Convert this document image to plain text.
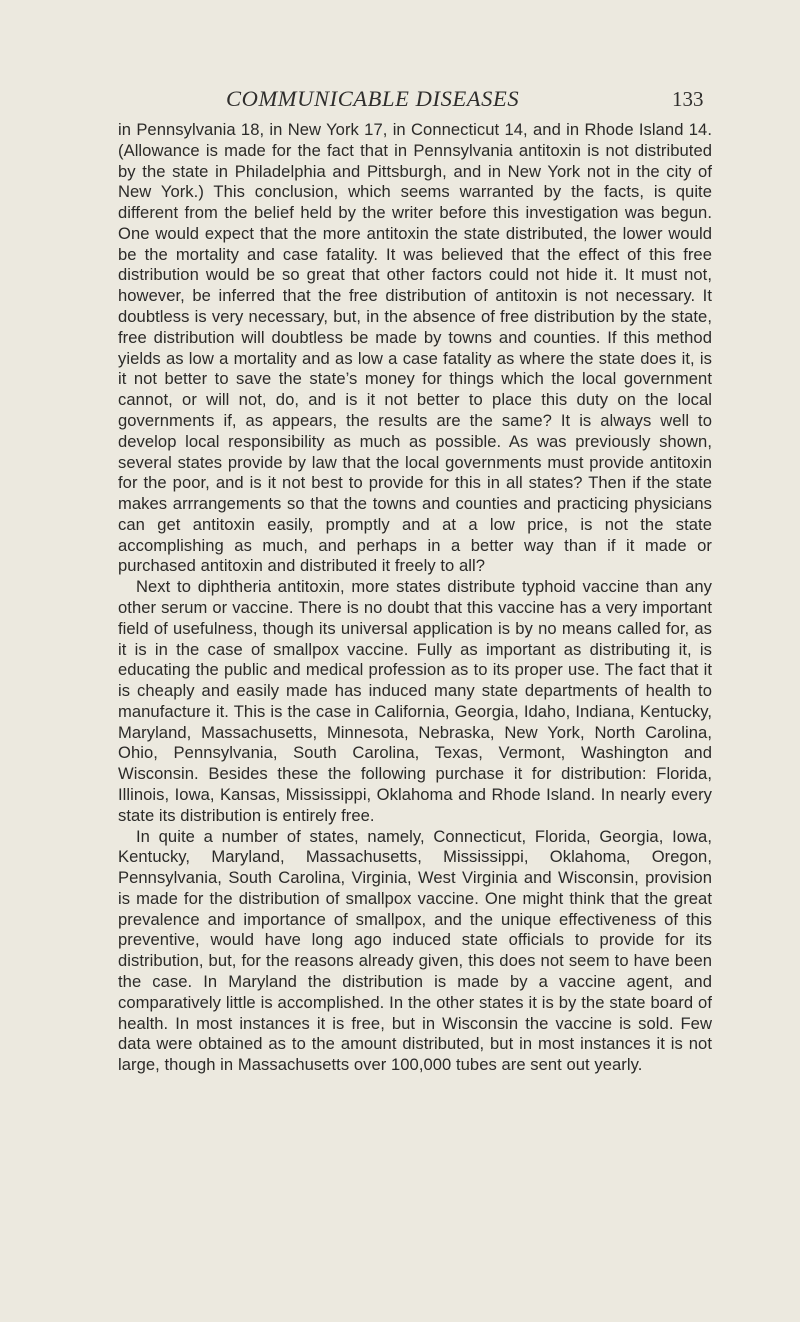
COMMUNICABLE DISEASES	133

in Pennsylvania 18, in New York 17, in Connecticut 14, and in Rhode Island 14. (Allowance is made for the fact that in Pennsylvania antitoxin is not distributed by the state in Philadelphia and Pittsburgh, and in New York not in the city of New York.) This conclusion, which seems warranted by the facts, is quite different from the belief held by the writer before this investigation was begun. One would expect that the more antitoxin the state distributed, the lower would be the mortality and case fatality. It was believed that the effect of this free distribution would be so great that other factors could not hide it. It must not, however, be inferred that the free distribution of antitoxin is not necessary. It doubtless is very necessary, but, in the absence of free distribution by the state, free distribution will doubtless be made by towns and counties. If this method yields as low a mortality and as low a case fatality as where the state does it, is it not better to save the state’s money for things which the local government cannot, or will not, do, and is it not better to place this duty on the local governments if, as appears, the results are the same? It is always well to develop local responsibility as much as possible. As was previously shown, several states provide by law that the local governments must provide antitoxin for the poor, and is it not best to provide for this in all states? Then if the state makes arrrangements so that the towns and counties and practicing physicians can get antitoxin easily, promptly and at a low price, is not the state accomplishing as much, and perhaps in a better way than if it made or purchased antitoxin and distributed it freely to all?

Next to diphtheria antitoxin, more states distribute typhoid vaccine than any other serum or vaccine. There is no doubt that this vaccine has a very important field of usefulness, though its universal application is by no means called for, as it is in the case of smallpox vaccine. Fully as important as distributing it, is educating the public and medical profession as to its proper use. The fact that it is cheaply and easily made has induced many state departments of health to manufacture it. This is the case in California, Georgia, Idaho, Indiana, Kentucky, Maryland, Massachusetts, Minnesota, Nebraska, New York, North Carolina, Ohio, Pennsylvania, South Carolina, Texas, Vermont, Washington and Wisconsin. Besides these the following purchase it for distribution: Florida, Illinois, Iowa, Kansas, Mississippi, Oklahoma and Rhode Island. In nearly every state its distribution is entirely free.

In quite a number of states, namely, Connecticut, Florida, Georgia, Iowa, Kentucky, Maryland, Massachusetts, Mississippi, Oklahoma, Oregon, Pennsylvania, South Carolina, Virginia, West Virginia and Wisconsin, provision is made for the distribution of smallpox vaccine. One might think that the great prevalence and importance of smallpox, and the unique effectiveness of this preventive, would have long ago induced state officials to provide for its distribution, but, for the reasons already given, this does not seem to have been the case. In Maryland the distribution is made by a vaccine agent, and comparatively little is accomplished. In the other states it is by the state board of health. In most instances it is free, but in Wisconsin the vaccine is sold. Few data were obtained as to the amount distributed, but in most instances it is not large, though in Massachusetts over 100,000 tubes are sent out yearly.
